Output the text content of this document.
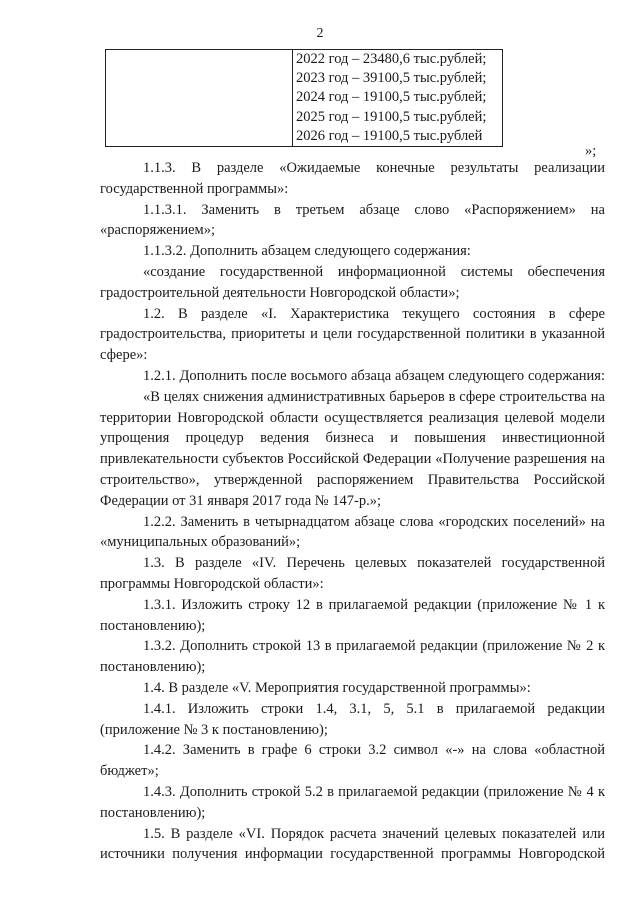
2

2022 год – 23480,6 тыс.рублей;
2023 год – 39100,5 тыс.рублей;
2024 год – 19100,5 тыс.рублей;
2025 год – 19100,5 тыс.рублей;
2026 год – 19100,5 тыс.рублей
»;

1.1.3. В разделе «Ожидаемые конечные результаты реализации государственной программы»:

1.1.3.1. Заменить в третьем абзаце слово «Распоряжением» на «распоряжением»;

1.1.3.2. Дополнить абзацем следующего содержания:

«создание государственной информационной системы обеспечения градостроительной деятельности Новгородской области»;

1.2. В разделе «I. Характеристика текущего состояния в сфере градостроительства, приоритеты и цели государственной политики в указанной сфере»:

1.2.1. Дополнить после восьмого абзаца абзацем следующего содержания:

«В целях снижения административных барьеров в сфере строительства на территории Новгородской области осуществляется реализация целевой модели упрощения процедур ведения бизнеса и повышения инвестиционной привлекательности субъектов Российской Федерации «Получение разрешения на строительство», утвержденной распоряжением Правительства Российской Федерации от 31 января 2017 года № 147-р.»;

1.2.2. Заменить в четырнадцатом абзаце слова «городских поселений» на «муниципальных образований»;

1.3. В разделе «IV. Перечень целевых показателей государственной программы Новгородской области»:

1.3.1. Изложить строку 12 в прилагаемой редакции (приложение № 1 к постановлению);

1.3.2. Дополнить строкой 13 в прилагаемой редакции (приложение № 2 к постановлению);

1.4. В разделе «V. Мероприятия государственной программы»:

1.4.1. Изложить строки 1.4, 3.1, 5, 5.1 в прилагаемой редакции (приложение № 3 к постановлению);

1.4.2. Заменить в графе 6 строки 3.2 символ «-» на слова «областной бюджет»;

1.4.3. Дополнить строкой 5.2 в прилагаемой редакции (приложение № 4 к постановлению);

1.5. В разделе «VI. Порядок расчета значений целевых показателей или источники получения информации государственной программы Новгородской
